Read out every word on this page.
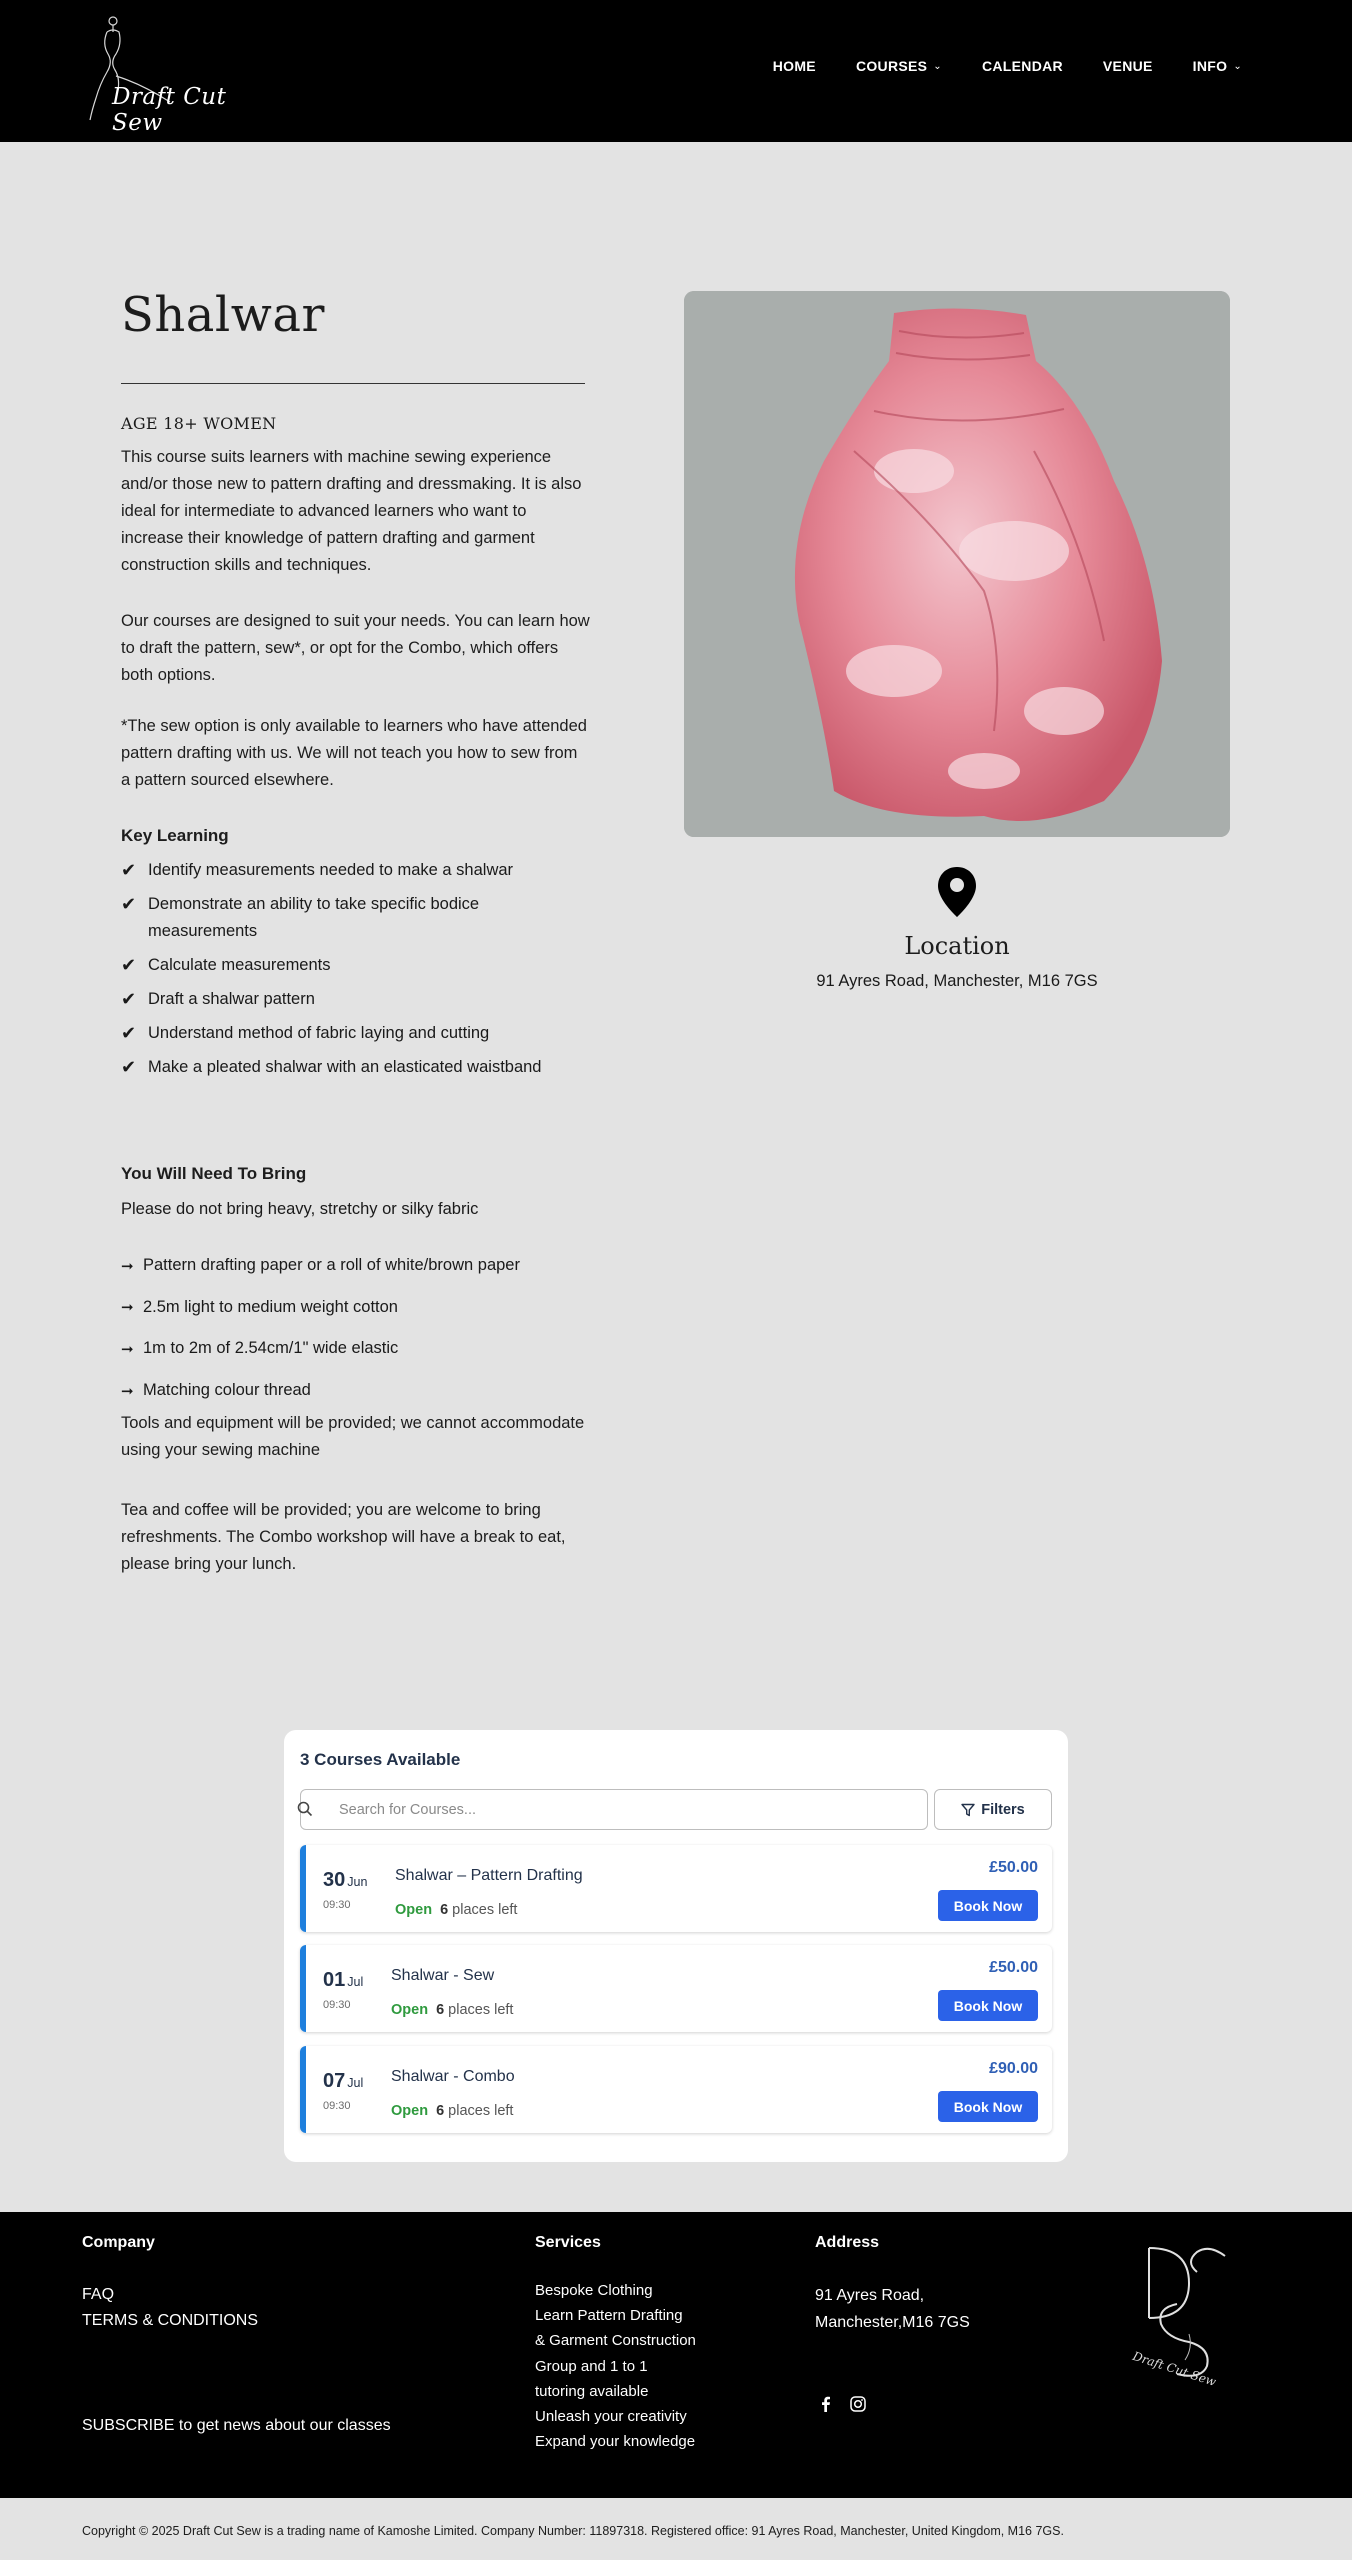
Draft Cut Sew
HOME	COURSES ⌄	CALENDAR	VENUE	INFO ⌄
Shalwar
AGE 18+ WOMEN

This course suits learners with machine sewing experience and/or those new to pattern drafting and dressmaking. It is also ideal for intermediate to advanced learners who want to increase their knowledge of pattern drafting and garment construction skills and techniques.

Our courses are designed to suit your needs. You can learn how to draft the pattern, sew*, or opt for the Combo, which offers both options.

*The sew option is only available to learners who have attended pattern drafting with us. We will not teach you how to sew from a pattern sourced elsewhere.

Key Learning
✔ Identify measurements needed to make a shalwar
✔ Demonstrate an ability to take specific bodice measurements
✔ Calculate measurements
✔ Draft a shalwar pattern
✔ Understand method of fabric laying and cutting
✔ Make a pleated shalwar with an elasticated waistband
You Will Need To Bring
Please do not bring heavy, stretchy or silky fabric
➞ Pattern drafting paper or a roll of white/brown paper
➞ 2.5m light to medium weight cotton
➞ 1m to 2m of 2.54cm/1" wide elastic
➞ Matching colour thread

Tools and equipment will be provided; we cannot accommodate using your sewing machine

Tea and coffee will be provided; you are welcome to bring refreshments. The Combo workshop will have a break to eat, please bring your lunch.

Location
91 Ayres Road, Manchester, M16 7GS
3 Courses Available
Search for Courses...
Filters
30 Jun
09:30
Shalwar – Pattern Drafting
Open 6 places left
£50.00
Book Now
01 Jul
09:30
Shalwar - Sew
Open 6 places left
£50.00
Book Now
07 Jul
09:30
Shalwar - Combo
Open 6 places left
£90.00
Book Now
Company
FAQ
TERMS & CONDITIONS
SUBSCRIBE to get news about our classes
Services
Bespoke Clothing
Learn Pattern Drafting
& Garment Construction
Group and 1 to 1
tutoring available
Unleash your creativity
Expand your knowledge
Address
91 Ayres Road,
Manchester,M16 7GS
Draft Cut Sew
Copyright © 2025 Draft Cut Sew is a trading name of Kamoshe Limited. Company Number: 11897318. Registered office: 91 Ayres Road, Manchester, United Kingdom, M16 7GS.
